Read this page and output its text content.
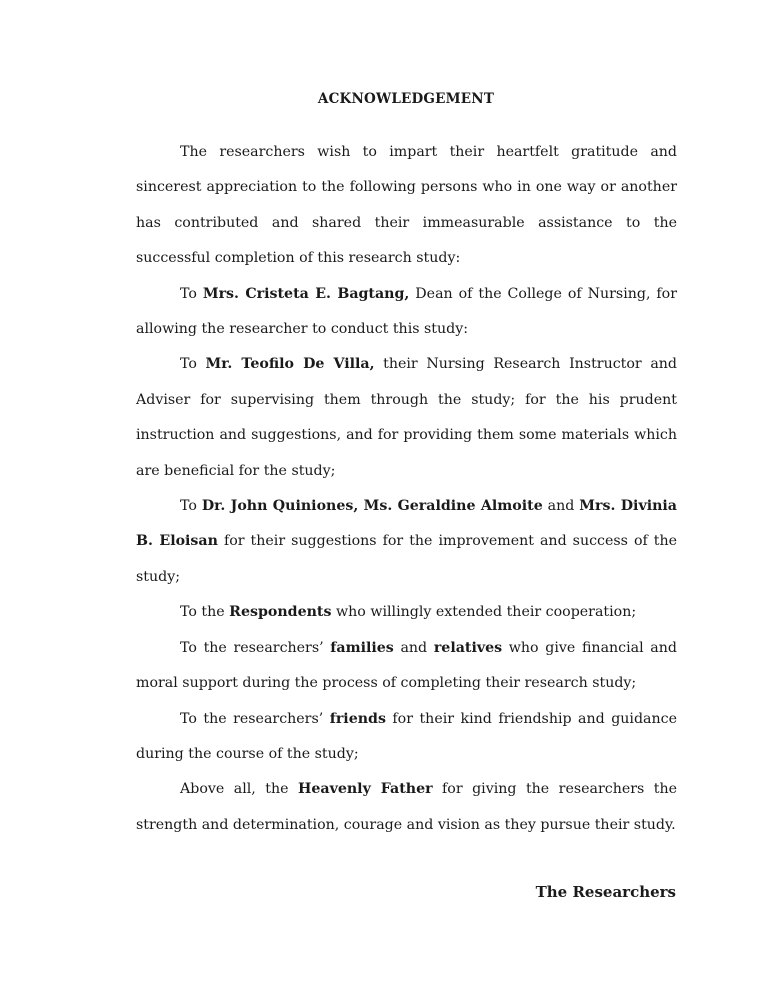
ACKNOWLEDGEMENT

The researchers wish to impart their heartfelt gratitude and sincerest appreciation to the following persons who in one way or another has contributed and shared their immeasurable assistance to the successful completion of this research study:

To Mrs. Cristeta E. Bagtang, Dean of the College of Nursing, for allowing the researcher to conduct this study:

To Mr. Teofilo De Villa, their Nursing Research Instructor and Adviser for supervising them through the study; for the his prudent instruction and suggestions, and for providing them some materials which are beneficial for the study;

To Dr. John Quiniones, Ms. Geraldine Almoite and Mrs. Divinia B. Eloisan for their suggestions for the improvement and success of the study;

To the Respondents who willingly extended their cooperation;

To the researchers’ families and relatives who give financial and moral support during the process of completing their research study;

To the researchers’ friends for their kind friendship and guidance during the course of the study;

Above all, the Heavenly Father for giving the researchers the strength and determination, courage and vision as they pursue their study.

The Researchers
